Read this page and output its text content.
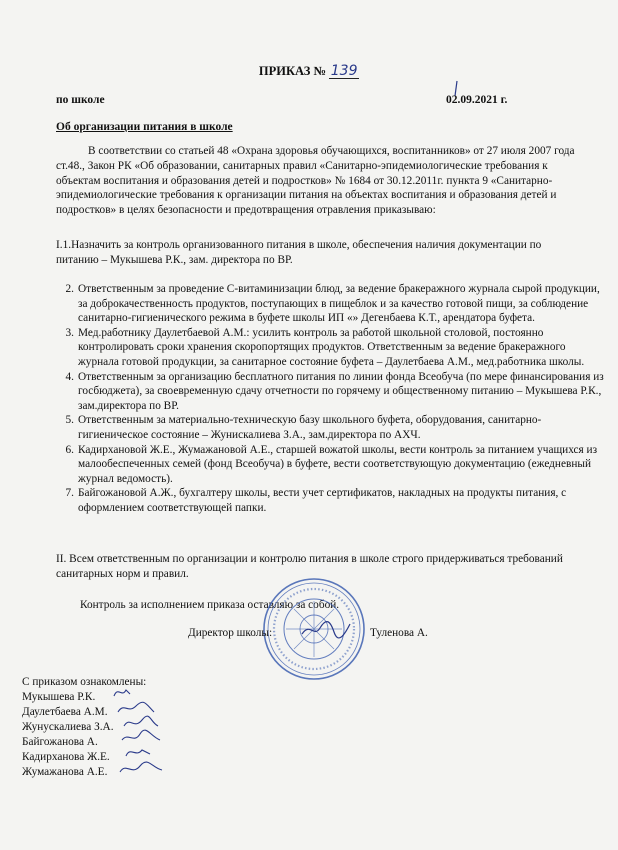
ПРИКАЗ № 139
по школе	02.09.2021 г.
Об организации питания в школе

В соответствии со статьей 48 «Охрана здоровья обучающихся, воспитанников» от 27 июля 2007 года ст.48., Закон РК «Об образовании, санитарных правил «Санитарно-эпидемиологические требования к объектам воспитания и образования детей и подростков» № 1684 от 30.12.2011г. пункта 9 «Санитарно-эпидемиологические требования к организации питания на объектах воспитания и образования детей и подростков» в целях безопасности и предотвращения отравления приказываю:

I.1.Назначить за контроль организованного питания в школе, обеспечения наличия документации по питанию – Мукышева Р.К., зам. директора по ВР.

2. Ответственным за проведение С-витаминизации блюд, за ведение бракеражного журнала сырой продукции, за доброкачественность продуктов, поступающих в пищеблок и за качество готовой пищи, за соблюдение санитарно-гигиенического режима в буфете школы ИП «» Дегенбаева К.Т., арендатора буфета.
3. Мед.работнику Даулетбаевой А.М.: усилить контроль за работой школьной столовой, постоянно контролировать сроки хранения скоропортящих продуктов. Ответственным за ведение бракеражного журнала готовой продукции, за санитарное состояние буфета – Даулетбаева А.М., мед.работника школы.
4. Ответственным за организацию бесплатного питания по линии фонда Всеобуча (по мере финансирования из госбюджета), за своевременную сдачу отчетности по горячему и общественному питанию – Мукышева Р.К., зам.директора по ВР.
5. Ответственным за материально-техническую базу школьного буфета, оборудования, санитарно-гигиеническое состояние – Жунискалиева З.А., зам.директора по АХЧ.
6. Кадирхановой Ж.Е., Жумажановой А.Е., старшей вожатой школы, вести контроль за питанием учащихся из малообеспеченных семей (фонд Всеобуча) в буфете, вести соответствующую документацию (ежедневный журнал ведомость).
7. Байгожановой А.Ж., бухгалтеру школы, вести учет сертификатов, накладных на продукты питания, с оформлением соответствующей папки.

II. Всем ответственным по организации и контролю питания в школе строго придерживаться требований санитарных норм и правил.

Контроль за исполнением приказа оставляю за собой.

Директор школы:	Туленова А.
С приказом ознакомлены:
Мукышева Р.К.
Даулетбаева А.М.
Жунускалиева З.А.
Байгожанова А.
Кадирханова Ж.Е.
Жумажанова А.Е.
